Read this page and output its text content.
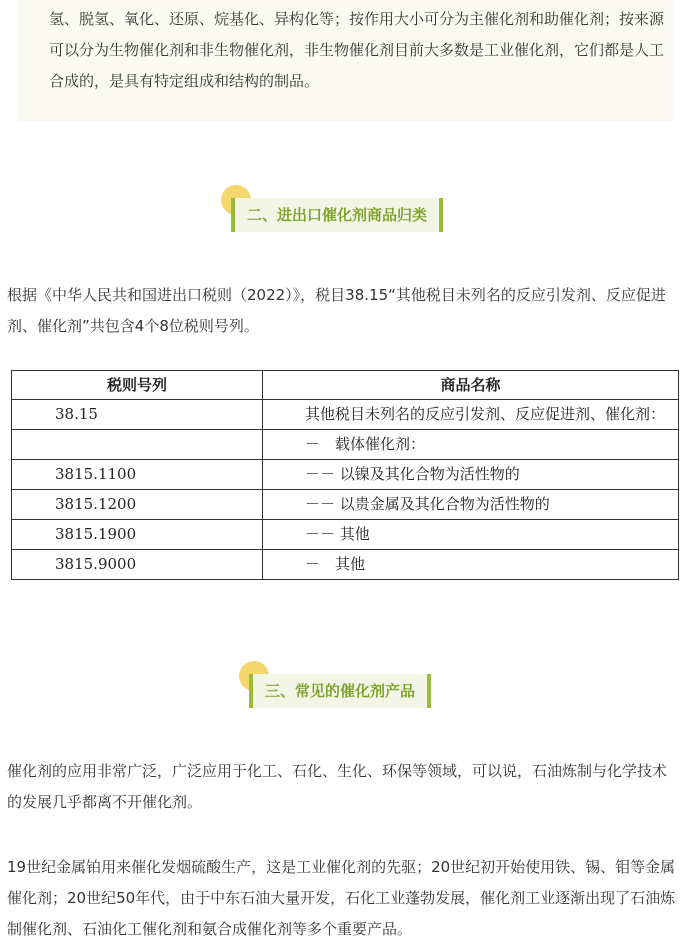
氢、脱氢、氧化、还原、烷基化、异构化等；按作用大小可分为主催化剂和助催化剂；按来源可以分为生物催化剂和非生物催化剂，非生物催化剂目前大多数是工业催化剂，它们都是人工合成的，是具有特定组成和结构的制品。

二、进出口催化剂商品归类

根据《中华人民共和国进出口税则（2022）》，税目38.15“其他税目未列名的反应引发剂、反应促进剂、催化剂”共包含4个8位税则号列。

税则号列	商品名称
38.15	　　其他税目未列名的反应引发剂、反应促进剂、催化剂：
	　　－　载体催化剂：
3815.1100	　　－－ 以镍及其化合物为活性物的
3815.1200	　　－－ 以贵金属及其化合物为活性物的
3815.1900	　　－－ 其他
3815.9000	　　－　其他
三、常见的催化剂产品

催化剂的应用非常广泛，广泛应用于化工、石化、生化、环保等领域，可以说，石油炼制与化学技术的发展几乎都离不开催化剂。

19世纪金属铂用来催化发烟硫酸生产，这是工业催化剂的先驱；20世纪初开始使用铁、锡、钼等金属催化剂；20世纪50年代，由于中东石油大量开发，石化工业蓬勃发展，催化剂工业逐渐出现了石油炼制催化剂、石油化工催化剂和氨合成催化剂等多个重要产品。
